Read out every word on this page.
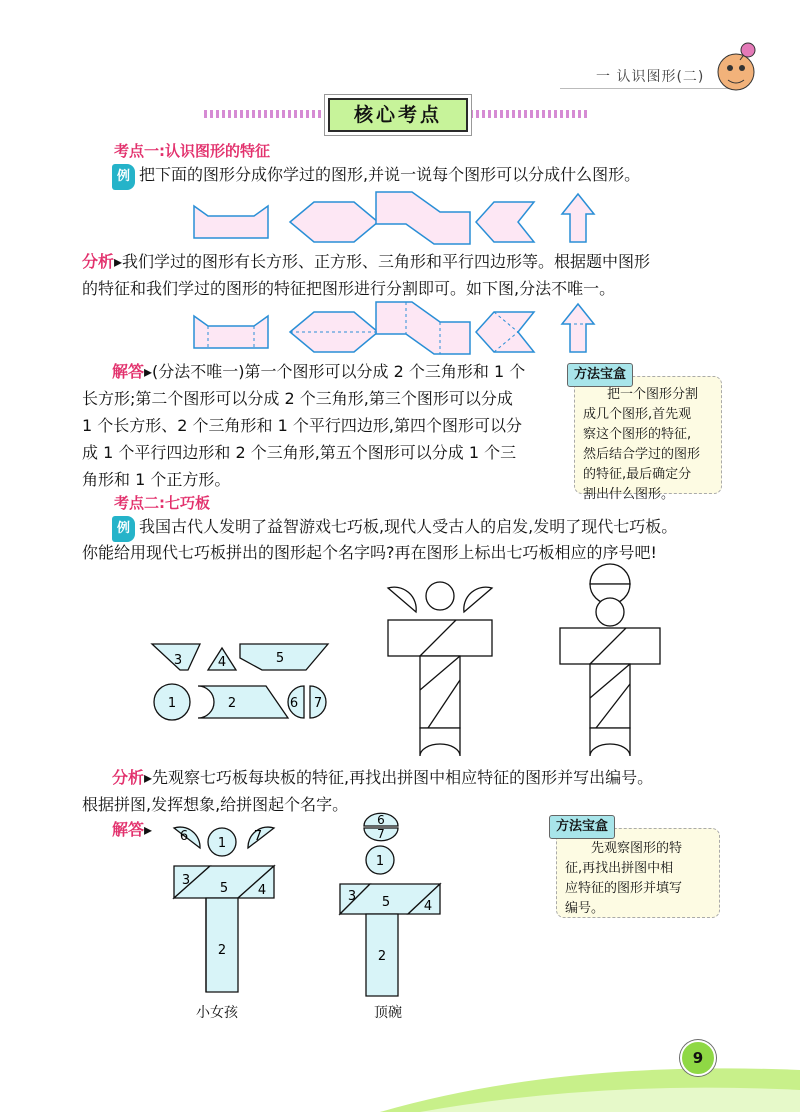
一 认识图形(二)
核心考点
考点一:认识图形的特征
例 把下面的图形分成你学过的图形,并说一说每个图形可以分成什么图形。
分析▸我们学过的图形有长方形、正方形、三角形和平行四边形等。根据题中图形
的特征和我们学过的图形的特征把图形进行分割即可。如下图,分法不唯一。
解答▸(分法不唯一)第一个图形可以分成 2 个三角形和 1 个
长方形;第二个图形可以分成 2 个三角形,第三个图形可以分成
1 个长方形、2 个三角形和 1 个平行四边形,第四个图形可以分
成 1 个平行四边形和 2 个三角形,第五个图形可以分成 1 个三
角形和 1 个正方形。
方法宝盒
把一个图形分割
成几个图形,首先观
察这个图形的特征,
然后结合学过的图形
的特征,最后确定分
割出什么图形。
考点二:七巧板
例 我国古代人发明了益智游戏七巧板,现代人受古人的启发,发明了现代七巧板。
你能给用现代七巧板拼出的图形起个名字吗?再在图形上标出七巧板相应的序号吧!
3	4	5
1	2	6 7
分析▸先观察七巧板每块板的特征,再找出拼图中相应特征的图形并写出编号。
根据拼图,发挥想象,给拼图起个名字。
解答▸ 6 1 7
3
5 4
2
小女孩
6
7
1
3 5	4
2
顶碗
方法宝盒
先观察图形的特
征,再找出拼图中相
应特征的图形并填写
编号。
9
